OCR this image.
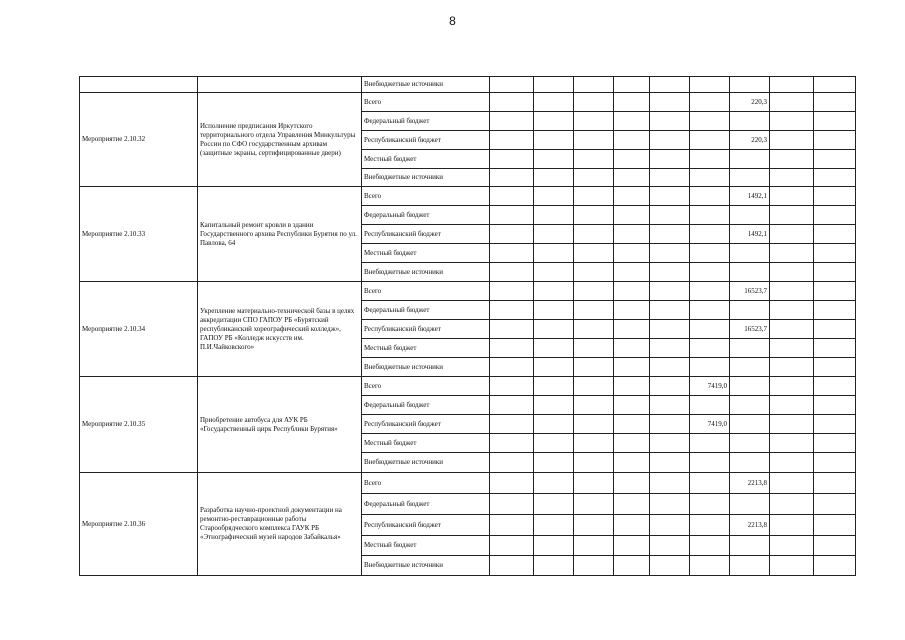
8
		Внебюджетные источники									
Мероприятие 2.10.32	Исполнение предписания Иркутского территориального отдела Управления Минкультуры России по СФО государственным архивам (защитные экраны, сертифицированные двери)	Всего							220,3		
		Федеральный бюджет									
		Республиканский бюджет							220,3		
		Местный бюджет									
		Внебюджетные источники									
Мероприятие 2.10.33	Капитальный ремонт кровли в здании Государственного архива Республики Бурятия по ул. Павлова, 64	Всего							1492,1		
		Федеральный бюджет									
		Республиканский бюджет							1492,1		
		Местный бюджет									
		Внебюджетные источники									
Мероприятие 2.10.34	Укрепление материально-технической базы в целях аккредитации СПО ГАПОУ РБ «Бурятский республиканский хореографический колледж», ГАПОУ РБ «Колледж искусств им. П.И.Чайковского»	Всего							16523,7		
		Федеральный бюджет									
		Республиканский бюджет							16523,7		
		Местный бюджет									
		Внебюджетные источники									
Мероприятие 2.10.35	Приобретение автобуса для АУК РБ «Государственный цирк Республики Бурятия»	Всего						7419,0			
		Федеральный бюджет									
		Республиканский бюджет						7419,0			
		Местный бюджет									
		Внебюджетные источники									
Мероприятие 2.10.36	Разработка научно-проектной документации на ремонтно-реставрационные работы Старообрядческого комплекса ГАУК РБ «Этнографический музей народов Забайкалья»	Всего							2213,8		
		Федеральный бюджет									
		Республиканский бюджет							2213,8		
		Местный бюджет									
		Внебюджетные источники									
